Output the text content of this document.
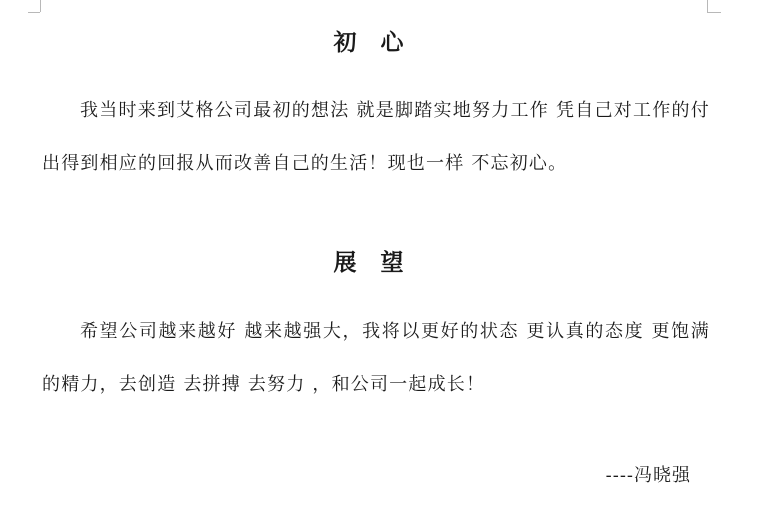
初 心

我当时来到艾格公司最初的想法 就是脚踏实地努力工作 凭自己对工作的付出得到相应的回报从而改善自己的生活！现也一样 不忘初心。

展 望

希望公司越来越好 越来越强大，我将以更好的状态 更认真的态度 更饱满的精力，去创造 去拼搏 去努力 ，和公司一起成长！

----冯晓强
